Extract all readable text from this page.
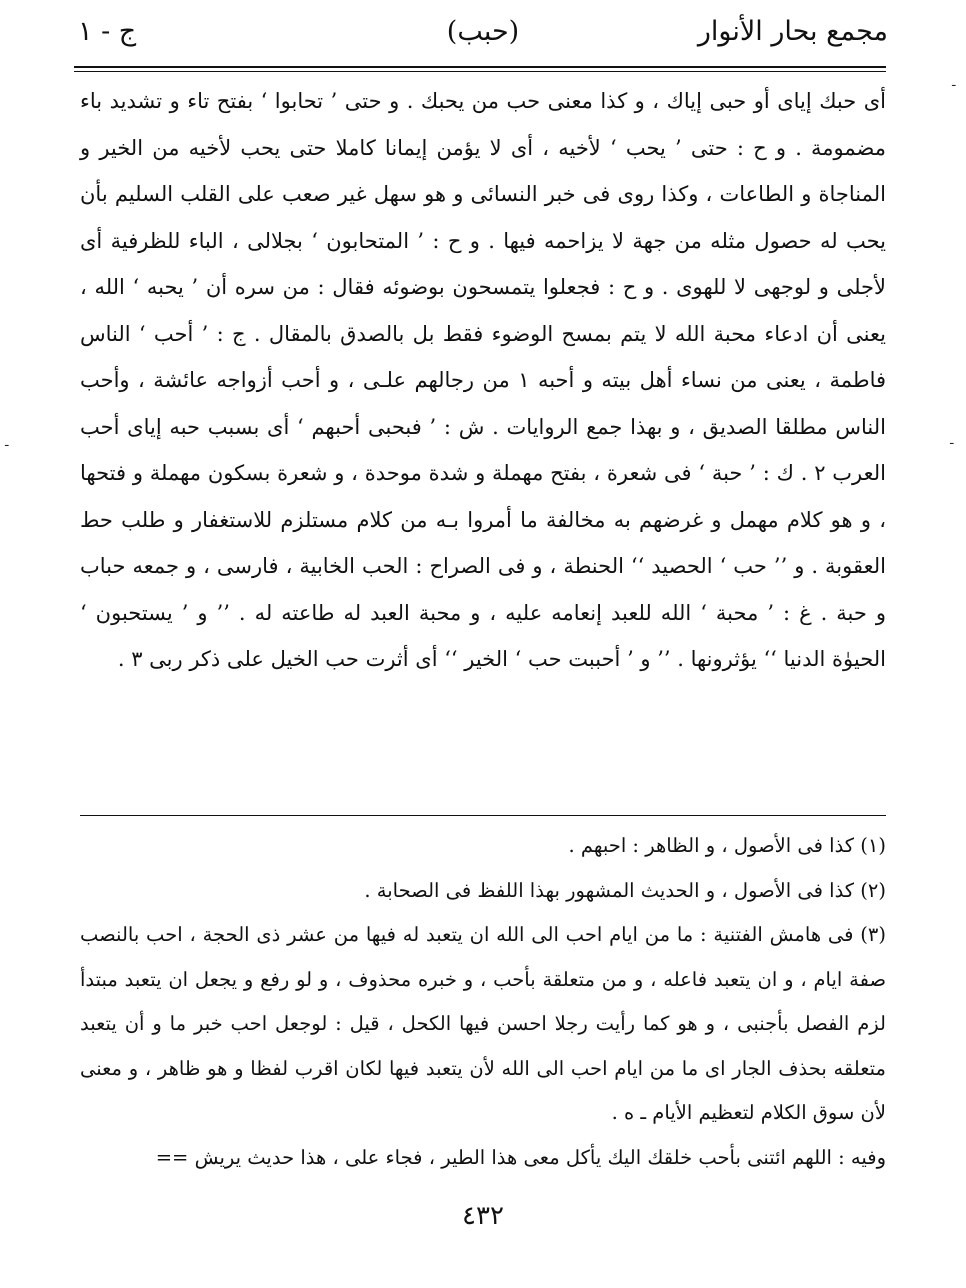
مجمع بحار الأنوار
(حبب)
ج - ١

أى حبك إياى أو حبى إياك ، و كذا معنى حب من يحبك . و حتى ’ تحابوا ‘ بفتح تاء و تشديد باء مضمومة . و ح : حتى ’ يحب ‘ لأخيه ، أى لا يؤمن إيمانا كاملا حتى يحب لأخيه من الخير و المناجاة و الطاعات ، وكذا روى فى خبر النسائى و هو سهل غير صعب على القلب السليم بأن يحب له حصول مثله من جهة لا يزاحمه فيها . و ح : ’ المتحابون ‘ بجلالى ، الباء للظرفية أى لأجلى و لوجهى لا للهوى . و ح : فجعلوا يتمسحون بوضوئه فقال : من سره أن ’ يحبه ‘ الله ، يعنى أن ادعاء محبة الله لا يتم بمسح الوضوء فقط بل بالصدق بالمقال . ج : ’ أحب ‘ الناس فاطمة ، يعنى من نساء أهل بيته و أحبه ١ من رجالهم علـى ، و أحب أزواجه عائشة ، وأحب الناس مطلقا الصديق ، و بهذا جمع الروايات . ش : ’ فبحبى أحبهم ‘ أى بسبب حبه إياى أحب العرب ٢ . ك : ’ حبة ‘ فى شعرة ، بفتح مهملة و شدة موحدة ، و شعرة بسكون مهملة و فتحها ، و هو كلام مهمل و غرضهم به مخالفة ما أمروا بـه من كلام مستلزم للاستغفار و طلب حط العقوبة . و ’’ حب ‘ الحصيد ‘‘ الحنطة ، و فى الصراح : الحب الخابية ، فارسى ، و جمعه حباب و حبة . غ : ’ محبة ‘ الله للعبد إنعامه عليه ، و محبة العبد له طاعته له . ’’ و ’ يستحبون ‘ الحيوٰة الدنيا ‘‘ يؤثرونها . ’’ و ’ أحببت حب ‘ الخير ‘‘ أى أثرت حب الخيل على ذكر ربى ٣ .

(١) كذا فى الأصول ، و الظاهر : احبهم .

(٢) كذا فى الأصول ، و الحديث المشهور بهذا اللفظ فى الصحابة .

(٣) فى هامش الفتنية : ما من ايام احب الى الله ان يتعبد له فيها من عشر ذى الحجة ، احب بالنصب صفة ايام ، و ان يتعبد فاعله ، و من متعلقة بأحب ، و خبره محذوف ، و لو رفع و يجعل ان يتعبد مبتدأ لزم الفصل بأجنبى ، و هو كما رأيت رجلا احسن فيها الكحل ، قيل : لوجعل احب خبر ما و أن يتعبد متعلقه بحذف الجار اى ما من ايام احب الى الله لأن يتعبد فيها لكان اقرب لفظا و هو ظاهر ، و معنى لأن سوق الكلام لتعظيم الأيام ـ ه .

وفيه : اللهم ائتنى بأحب خلقك اليك يأكل معى هذا الطير ، فجاء على ، هذا حديث يريش ==

٤٣٢
ـ
ـ
ـ
